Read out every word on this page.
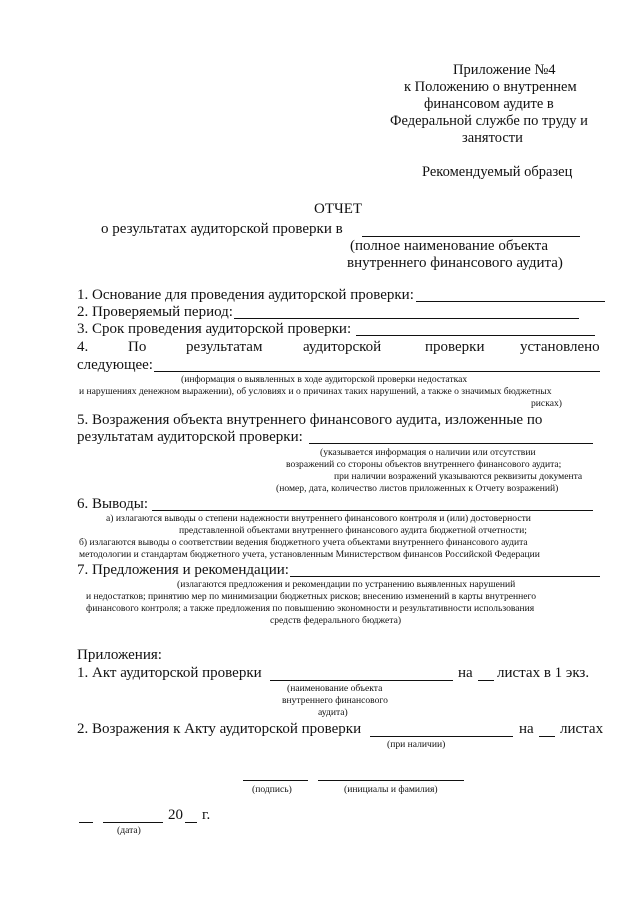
Приложение №4
к Положению о внутреннем
финансовом аудите в
Федеральной службе по труду и
занятости
Рекомендуемый образец
ОТЧЕТ
о результатах аудиторской проверки в
(полное наименование объекта
внутреннего финансового аудита)
1. Основание для проведения аудиторской проверки:
2. Проверяемый период:
3. Срок проведения аудиторской проверки:
4.	По	результатам	аудиторской	проверки установлено
следующее:
(информация о выявленных в ходе аудиторской проверки недостатках
и нарушениях денежном выражении), об условиях и о причинах таких нарушений, а также о значимых бюджетных
рисках)
5. Возражения объекта внутреннего финансового аудита, изложенные по
результатам аудиторской проверки:
(указывается информация о наличии или отсутствии
возражений со стороны объектов внутреннего финансового аудита;
при наличии возражений указываются реквизиты документа
(номер, дата, количество листов приложенных к Отчету возражений)
6. Выводы:
а) излагаются выводы о степени надежности внутреннего финансового контроля и (или) достоверности
представленной объектами внутреннего финансового аудита бюджетной отчетности;
б) излагаются выводы о соответствии ведения бюджетного учета объектами внутреннего финансового аудита
методологии и стандартам бюджетного учета, установленным Министерством финансов Российской Федерации
7. Предложения и рекомендации:
(излагаются предложения и рекомендации по устранению выявленных нарушений
и недостатков; принятию мер по минимизации бюджетных рисков; внесению изменений в карты внутреннего
финансового контроля; а также предложения по повышению экономности и результативности использования
средств федерального бюджета)
Приложения:
1. Акт аудиторской проверки	на листах в 1 экз.
(наименование объекта
внутреннего финансового
аудита)
2. Возражения к Акту аудиторской проверки	на листах
(при наличии)
(подпись)	(инициалы и фамилия)
20 г.
(дата)
